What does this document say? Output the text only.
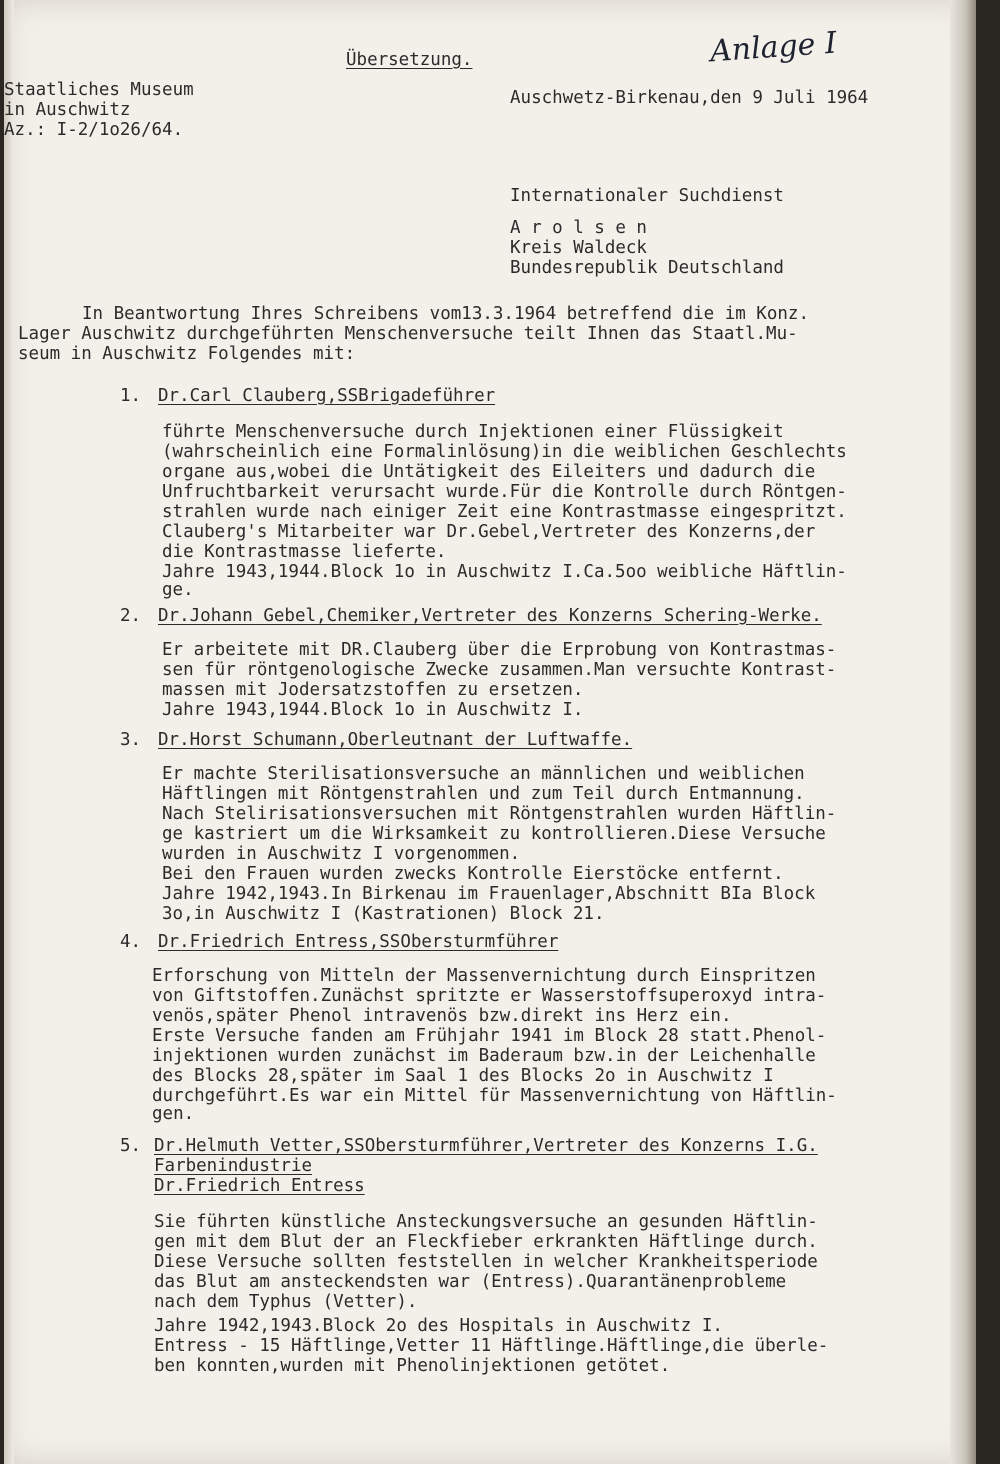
Übersetzung.	Anlage I
Staatliches Museum
in Auschwitz
Az.: I-2/1o26/64.
Auschwetz-Birkenau,den 9 Juli 1964
Internationaler Suchdienst
A r o l s e n
Kreis Waldeck
Bundesrepublik Deutschland
In Beantwortung Ihres Schreibens vom13.3.1964 betreffend die im Konz.
Lager Auschwitz durchgeführten Menschenversuche teilt Ihnen das Staatl.Mu-
seum in Auschwitz Folgendes mit:
1. Dr.Carl Clauberg,SSBrigadeführer
führte Menschenversuche durch Injektionen einer Flüssigkeit
(wahrscheinlich eine Formalinlösung)in die weiblichen Geschlechts
organe aus,wobei die Untätigkeit des Eileiters und dadurch die
Unfruchtbarkeit verursacht wurde.Für die Kontrolle durch Röntgen-
strahlen wurde nach einiger Zeit eine Kontrastmasse eingespritzt.
Clauberg's Mitarbeiter war Dr.Gebel,Vertreter des Konzerns,der
die Kontrastmasse lieferte.
Jahre 1943,1944.Block 1o in Auschwitz I.Ca.5oo weibliche Häftlin-
ge.
2. Dr.Johann Gebel,Chemiker,Vertreter des Konzerns Schering-Werke.
Er arbeitete mit DR.Clauberg über die Erprobung von Kontrastmas-
sen für röntgenologische Zwecke zusammen.Man versuchte Kontrast-
massen mit Jodersatzstoffen zu ersetzen.
Jahre 1943,1944.Block 1o in Auschwitz I.
3. Dr.Horst Schumann,Oberleutnant der Luftwaffe.
Er machte Sterilisationsversuche an männlichen und weiblichen
Häftlingen mit Röntgenstrahlen und zum Teil durch Entmannung.
Nach Stelirisationsversuchen mit Röntgenstrahlen wurden Häftlin-
ge kastriert um die Wirksamkeit zu kontrollieren.Diese Versuche
wurden in Auschwitz I vorgenommen.
Bei den Frauen wurden zwecks Kontrolle Eierstöcke entfernt.
Jahre 1942,1943.In Birkenau im Frauenlager,Abschnitt BIa Block
3o,in Auschwitz I (Kastrationen) Block 21.
4. Dr.Friedrich Entress,SSObersturmführer
Erforschung von Mitteln der Massenvernichtung durch Einspritzen
von Giftstoffen.Zunächst spritzte er Wasserstoffsuperoxyd intra-
venös,später Phenol intravenös bzw.direkt ins Herz ein.
Erste Versuche fanden am Frühjahr 1941 im Block 28 statt.Phenol-
injektionen wurden zunächst im Baderaum bzw.in der Leichenhalle
des Blocks 28,später im Saal 1 des Blocks 2o in Auschwitz I
durchgeführt.Es war ein Mittel für Massenvernichtung von Häftlin-
gen.
5. Dr.Helmuth Vetter,SSObersturmführer,Vertreter des Konzerns I.G.
Farbenindustrie
Dr.Friedrich Entress
Sie führten künstliche Ansteckungsversuche an gesunden Häftlin-
gen mit dem Blut der an Fleckfieber erkrankten Häftlinge durch.
Diese Versuche sollten feststellen in welcher Krankheitsperiode
das Blut am ansteckendsten war (Entress).Quarantänenprobleme
nach dem Typhus (Vetter).
Jahre 1942,1943.Block 2o des Hospitals in Auschwitz I.
Entress - 15 Häftlinge,Vetter 11 Häftlinge.Häftlinge,die überle-
ben konnten,wurden mit Phenolinjektionen getötet.
